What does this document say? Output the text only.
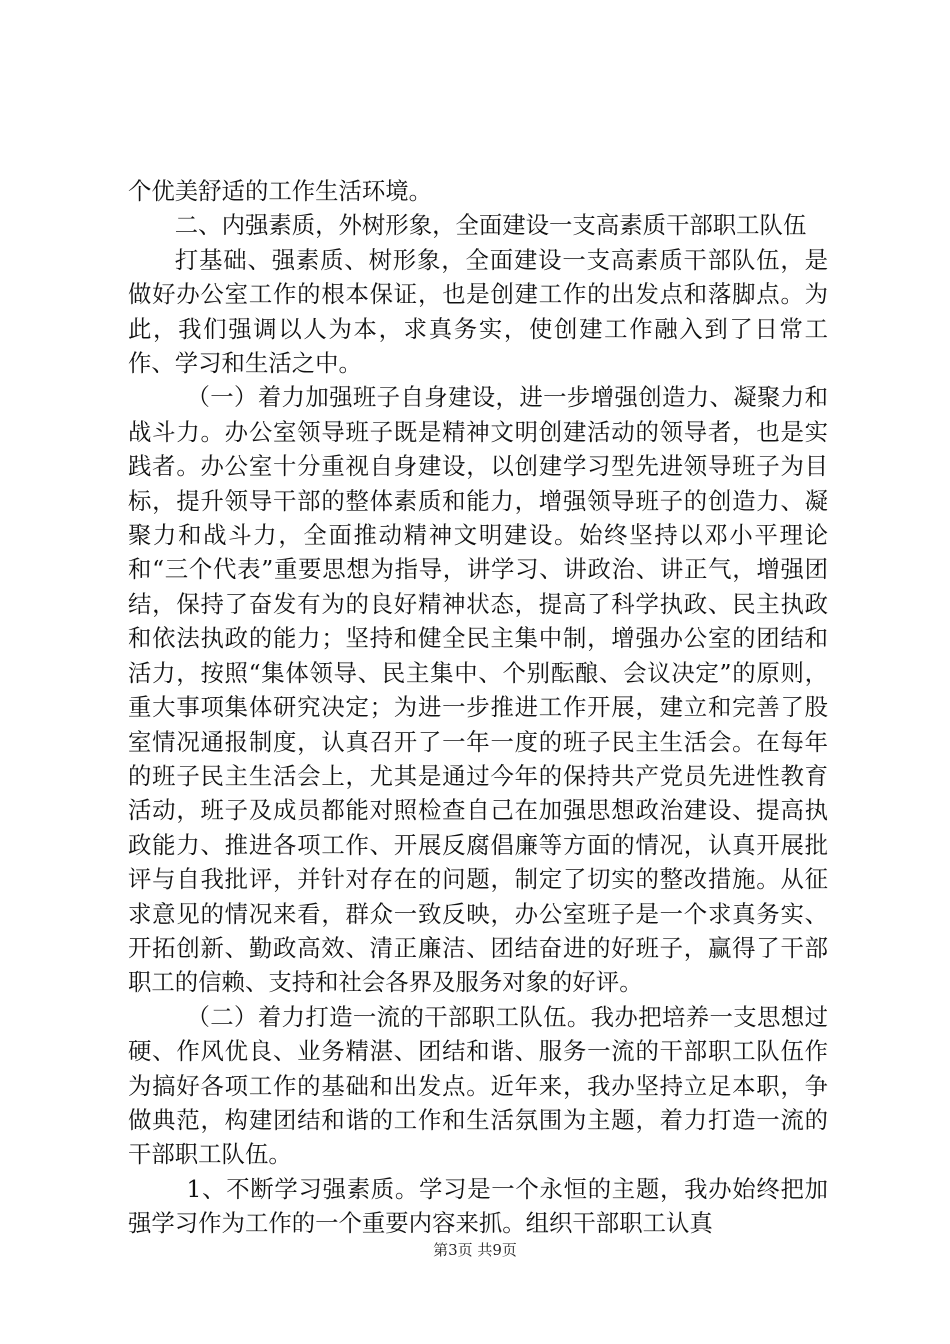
个优美舒适的工作生活环境。

二、内强素质，外树形象，全面建设一支高素质干部职工队伍

打基础、强素质、树形象，全面建设一支高素质干部队伍，是做好办公室工作的根本保证，也是创建工作的出发点和落脚点。为此，我们强调以人为本，求真务实，使创建工作融入到了日常工作、学习和生活之中。

（一）着力加强班子自身建设，进一步增强创造力、凝聚力和战斗力。办公室领导班子既是精神文明创建活动的领导者，也是实践者。办公室十分重视自身建设，以创建学习型先进领导班子为目标，提升领导干部的整体素质和能力，增强领导班子的创造力、凝聚力和战斗力，全面推动精神文明建设。始终坚持以邓小平理论和“三个代表”重要思想为指导，讲学习、讲政治、讲正气，增强团结，保持了奋发有为的良好精神状态，提高了科学执政、民主执政和依法执政的能力；坚持和健全民主集中制，增强办公室的团结和活力，按照“集体领导、民主集中、个别酝酿、会议决定”的原则，重大事项集体研究决定；为进一步推进工作开展，建立和完善了股室情况通报制度，认真召开了一年一度的班子民主生活会。在每年的班子民主生活会上，尤其是通过今年的保持共产党员先进性教育活动，班子及成员都能对照检查自己在加强思想政治建设、提高执政能力、推进各项工作、开展反腐倡廉等方面的情况，认真开展批评与自我批评，并针对存在的问题，制定了切实的整改措施。从征求意见的情况来看，群众一致反映，办公室班子是一个求真务实、开拓创新、勤政高效、清正廉洁、团结奋进的好班子，赢得了干部职工的信赖、支持和社会各界及服务对象的好评。

（二）着力打造一流的干部职工队伍。我办把培养一支思想过硬、作风优良、业务精湛、团结和谐、服务一流的干部职工队伍作为搞好各项工作的基础和出发点。近年来，我办坚持立足本职，争做典范，构建团结和谐的工作和生活氛围为主题，着力打造一流的干部职工队伍。

1、不断学习强素质。学习是一个永恒的主题，我办始终把加强学习作为工作的一个重要内容来抓。组织干部职工认真

第3页 共9页
